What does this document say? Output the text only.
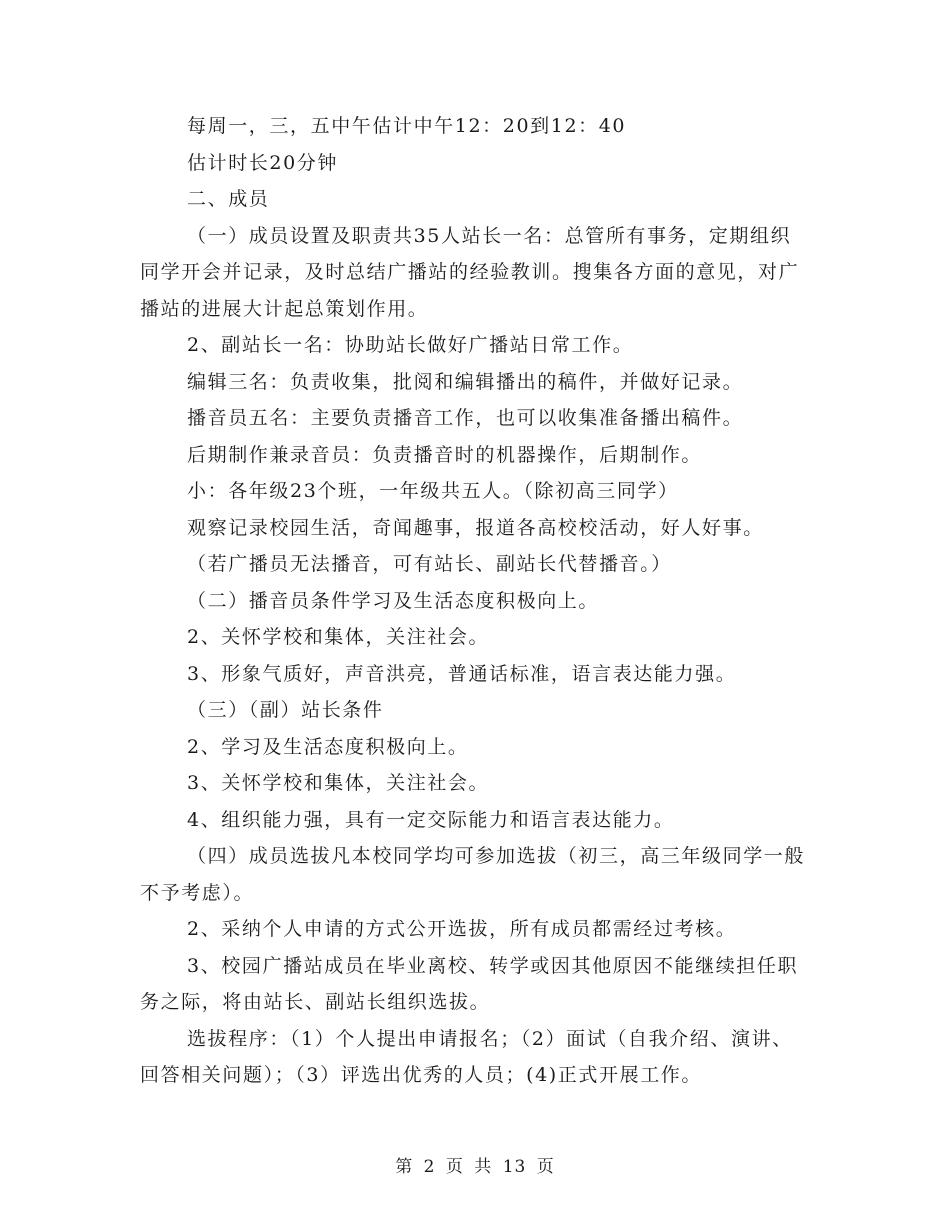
每周一，三，五中午估计中午12：20到12：40

估计时长20分钟

二、成员

（一）成员设置及职责共35人站长一名：总管所有事务，定期组织同学开会并记录，及时总结广播站的经验教训。搜集各方面的意见，对广播站的进展大计起总策划作用。

2、副站长一名：协助站长做好广播站日常工作。

编辑三名：负责收集，批阅和编辑播出的稿件，并做好记录。

播音员五名：主要负责播音工作，也可以收集准备播出稿件。

后期制作兼录音员：负责播音时的机器操作，后期制作。

小：各年级23个班，一年级共五人。（除初高三同学）

观察记录校园生活，奇闻趣事，报道各高校校活动，好人好事。

（若广播员无法播音，可有站长、副站长代替播音。）

（二）播音员条件学习及生活态度积极向上。

2、关怀学校和集体，关注社会。

3、形象气质好，声音洪亮，普通话标准，语言表达能力强。

（三）（副）站长条件

2、学习及生活态度积极向上。

3、关怀学校和集体，关注社会。

4、组织能力强，具有一定交际能力和语言表达能力。

（四）成员选拔凡本校同学均可参加选拔（初三，高三年级同学一般不予考虑）。

2、采纳个人申请的方式公开选拔，所有成员都需经过考核。

3、校园广播站成员在毕业离校、转学或因其他原因不能继续担任职务之际，将由站长、副站长组织选拔。

选拔程序：（1）个人提出申请报名；（2）面试（自我介绍、演讲、回答相关问题）；（3）评选出优秀的人员；(4)正式开展工作。

第 2 页 共 13 页
